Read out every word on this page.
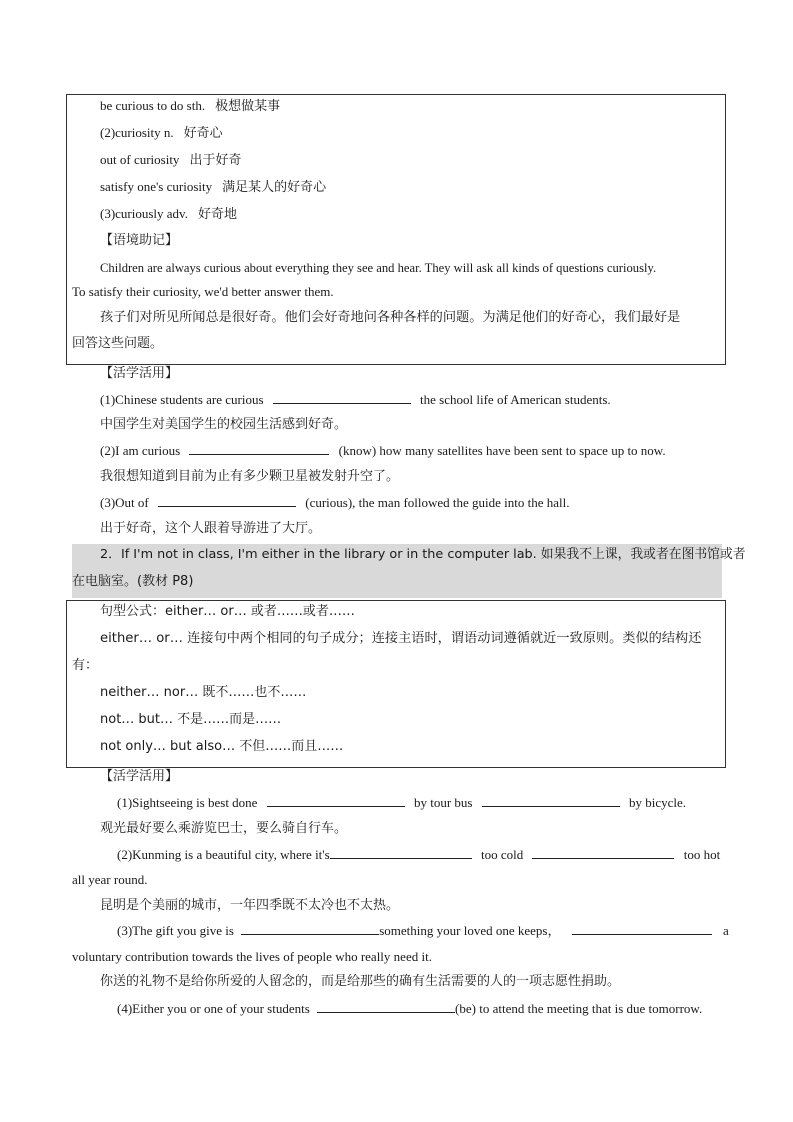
be curious to do sth. 极想做某事
(2)curiosity n. 好奇心
out of curiosity 出于好奇
satisfy one's curiosity 满足某人的好奇心
(3)curiously adv. 好奇地
【语境助记】
Children are always curious about everything they see and hear. They will ask all kinds of questions curiously.
To satisfy their curiosity, we'd better answer them.
孩子们对所见所闻总是很好奇。他们会好奇地问各种各样的问题。为满足他们的好奇心，我们最好是
回答这些问题。
【活学活用】
(1)Chinese students are curious	the school life of American students.
中国学生对美国学生的校园生活感到好奇。
(2)I am curious	(know) how many satellites have been sent to space up to now.
我很想知道到目前为止有多少颗卫星被发射升空了。
(3)Out of	(curious), the man followed the guide into the hall.
出于好奇，这个人跟着导游进了大厅。
2．If I'm not in class, I'm either in the library or in the computer lab. 如果我不上课，我或者在图书馆或者
在电脑室。(教材 P8)
句型公式：either… or… 或者……或者……
either… or… 连接句中两个相同的句子成分；连接主语时，谓语动词遵循就近一致原则。类似的结构还
有：
neither… nor… 既不……也不……
not… but… 不是……而是……
not only… but also… 不但……而且……
【活学活用】
(1)Sightseeing is best done	by tour bus	by bicycle.
观光最好要么乘游览巴士，要么骑自行车。
(2)Kunming is a beautiful city, where it's	too cold	too hot
all year round.
昆明是个美丽的城市，一年四季既不太冷也不太热。
(3)The gift you give is	something your loved one keeps，	a
voluntary contribution towards the lives of people who really need it.
你送的礼物不是给你所爱的人留念的，而是给那些的确有生活需要的人的一项志愿性捐助。
(4)Either you or one of your students	(be) to attend the meeting that is due tomorrow.
